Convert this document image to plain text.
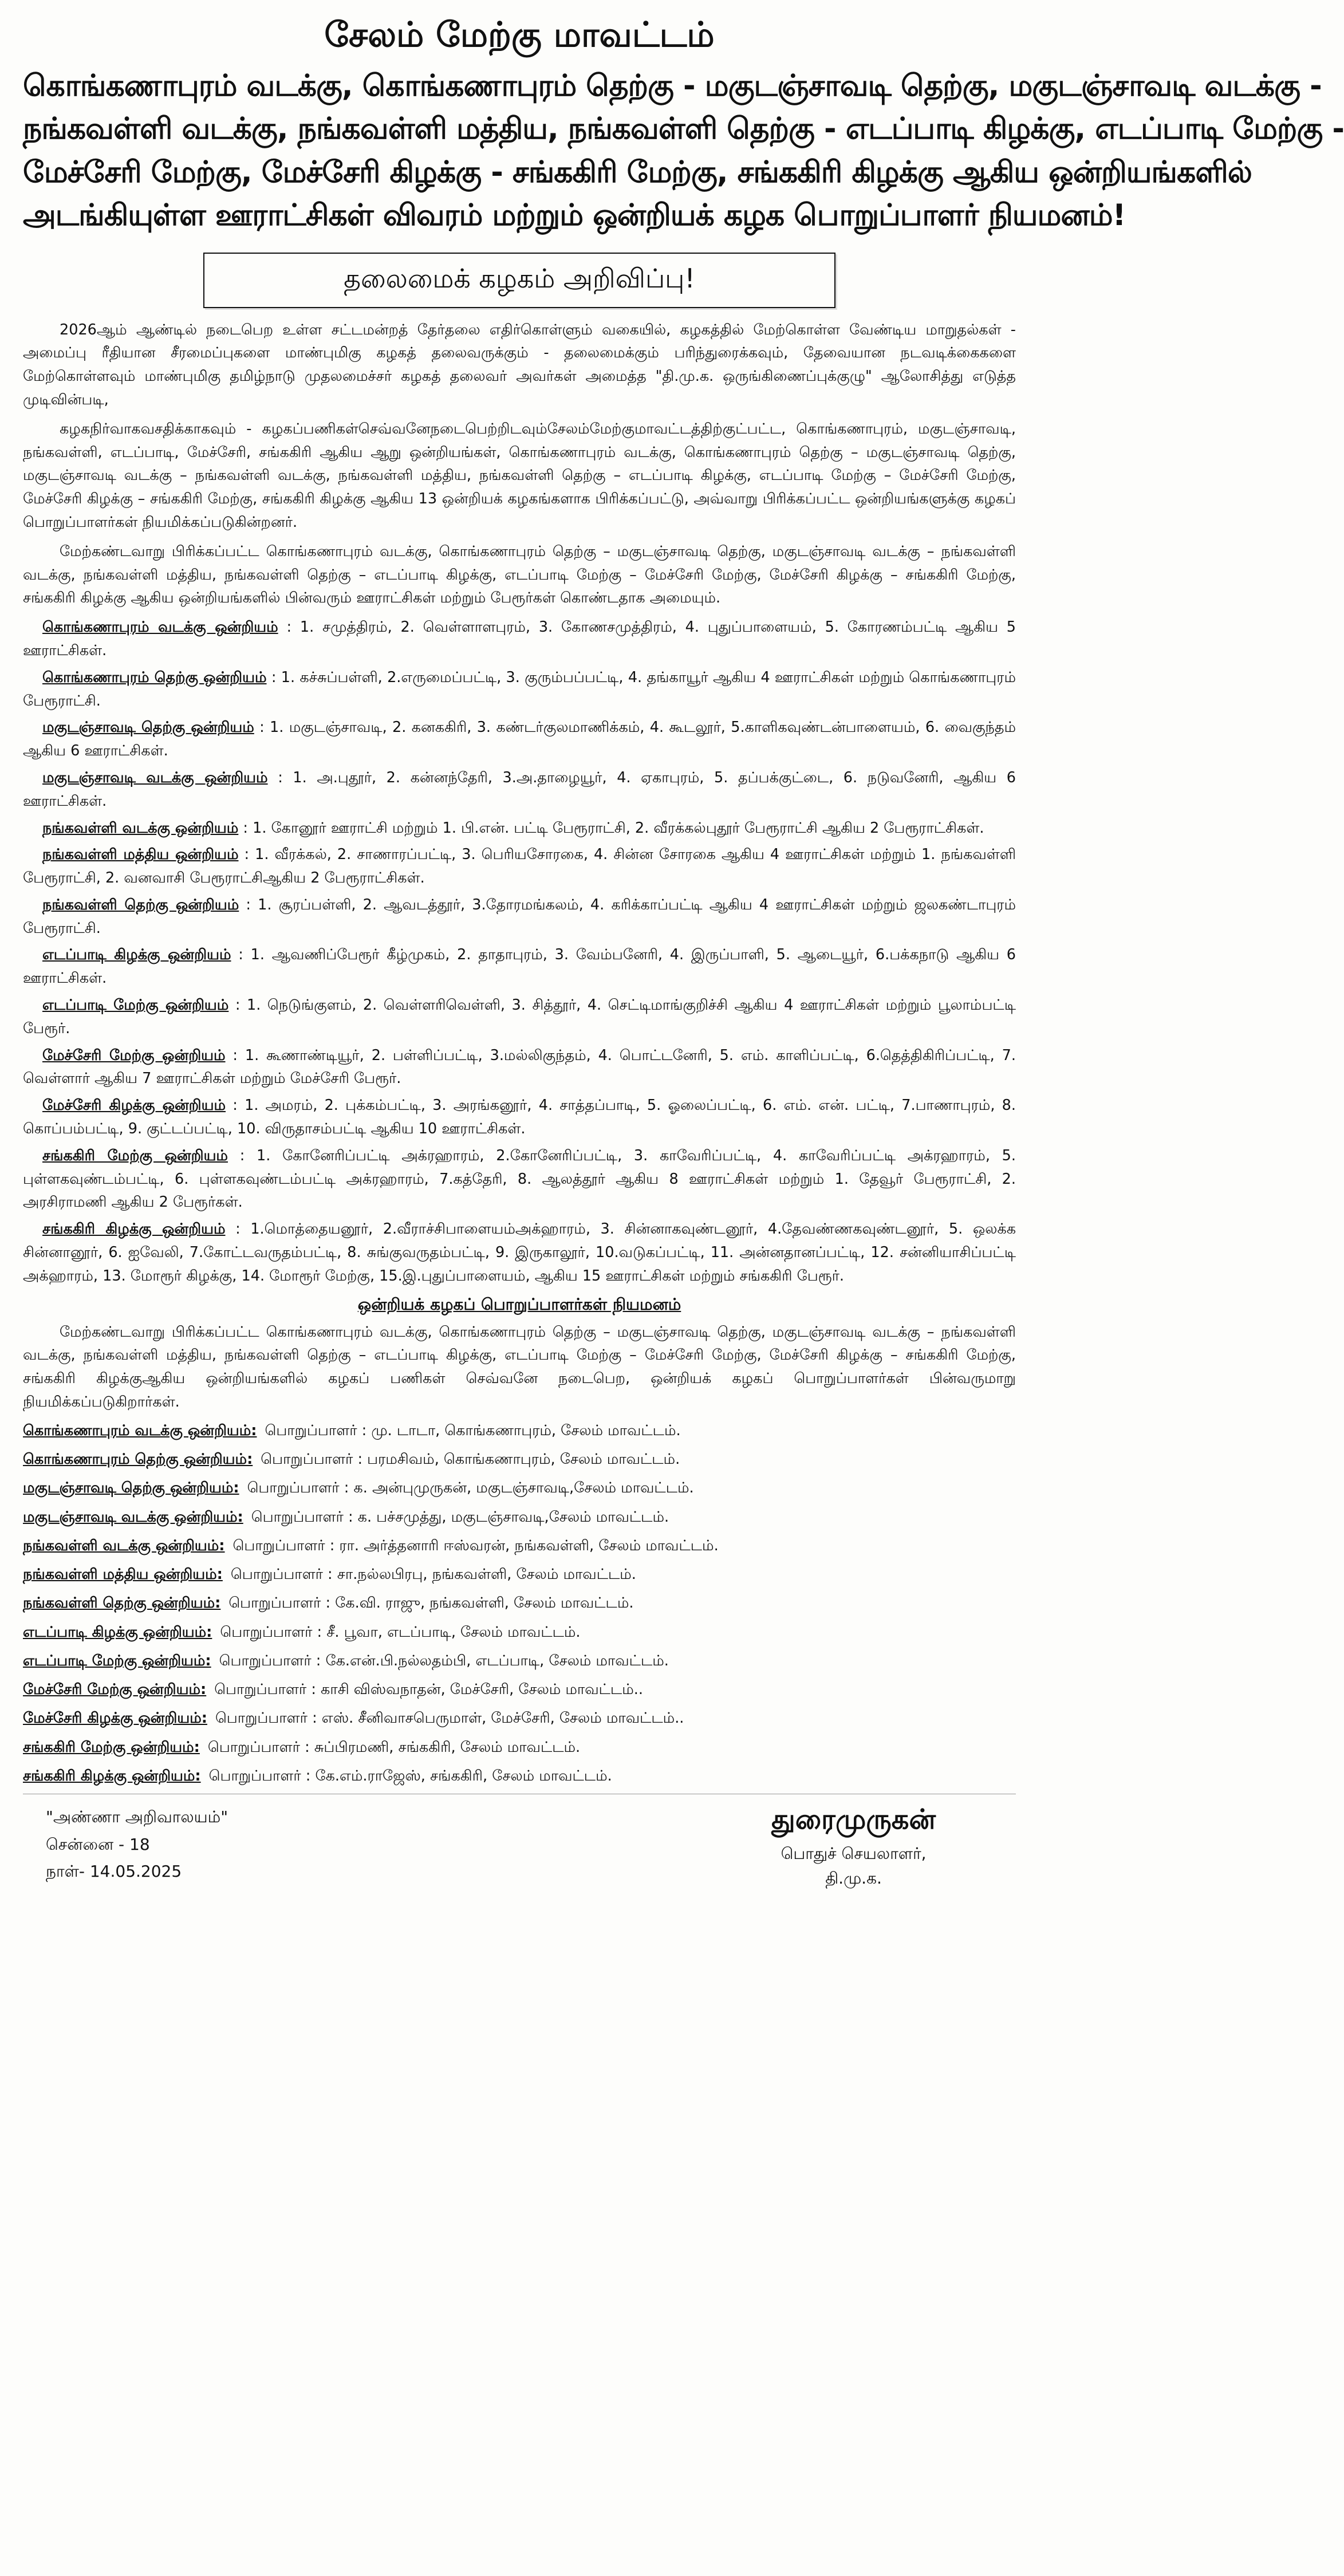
சேலம் மேற்கு மாவட்டம்
கொங்கணாபுரம் வடக்கு, கொங்கணாபுரம் தெற்கு - மகுடஞ்சாவடி தெற்கு, மகுடஞ்சாவடி வடக்கு -
நங்கவள்ளி வடக்கு, நங்கவள்ளி மத்திய, நங்கவள்ளி தெற்கு - எடப்பாடி கிழக்கு, எடப்பாடி மேற்கு -
மேச்சேரி மேற்கு, மேச்சேரி கிழக்கு - சங்ககிரி மேற்கு, சங்ககிரி கிழக்கு ஆகிய ஒன்றியங்களில்
அடங்கியுள்ள ஊராட்சிகள் விவரம் மற்றும் ஒன்றியக் கழக பொறுப்பாளர் நியமனம்!
தலைமைக் கழகம் அறிவிப்பு!

2026ஆம் ஆண்டில் நடைபெற உள்ள சட்டமன்றத் தேர்தலை எதிர்கொள்ளும் வகையில், கழகத்தில் மேற்கொள்ள வேண்டிய மாறுதல்கள் - அமைப்பு ரீதியான சீரமைப்புகளை மாண்புமிகு கழகத் தலைவருக்கும் - தலைமைக்கும் பரிந்துரைக்கவும், தேவையான நடவடிக்கைகளை மேற்கொள்ளவும் மாண்புமிகு தமிழ்நாடு முதலமைச்சர் கழகத் தலைவர் அவர்கள் அமைத்த "தி.மு.க. ஒருங்கிணைப்புக்குழு" ஆலோசித்து எடுத்த முடிவின்படி,

கழகநிர்வாகவசதிக்காகவும் - கழகப்பணிகள்செவ்வனேநடைபெற்றிடவும்சேலம்மேற்குமாவட்டத்திற்குட்பட்ட, கொங்கணாபுரம், மகுடஞ்சாவடி, நங்கவள்ளி, எடப்பாடி, மேச்சேரி, சங்ககிரி ஆகிய ஆறு ஒன்றியங்கள், கொங்கணாபுரம் வடக்கு, கொங்கணாபுரம் தெற்கு – மகுடஞ்சாவடி தெற்கு, மகுடஞ்சாவடி வடக்கு – நங்கவள்ளி வடக்கு, நங்கவள்ளி மத்திய, நங்கவள்ளி தெற்கு – எடப்பாடி கிழக்கு, எடப்பாடி மேற்கு – மேச்சேரி மேற்கு, மேச்சேரி கிழக்கு – சங்ககிரி மேற்கு, சங்ககிரி கிழக்கு ஆகிய 13 ஒன்றியக் கழகங்களாக பிரிக்கப்பட்டு, அவ்வாறு பிரிக்கப்பட்ட ஒன்றியங்களுக்கு கழகப் பொறுப்பாளர்கள் நியமிக்கப்படுகின்றனர்.

மேற்கண்டவாறு பிரிக்கப்பட்ட கொங்கணாபுரம் வடக்கு, கொங்கணாபுரம் தெற்கு – மகுடஞ்சாவடி தெற்கு, மகுடஞ்சாவடி வடக்கு – நங்கவள்ளி வடக்கு, நங்கவள்ளி மத்திய, நங்கவள்ளி தெற்கு – எடப்பாடி கிழக்கு, எடப்பாடி மேற்கு – மேச்சேரி மேற்கு, மேச்சேரி கிழக்கு – சங்ககிரி மேற்கு, சங்ககிரி கிழக்கு ஆகிய ஒன்றியங்களில் பின்வரும் ஊராட்சிகள் மற்றும் பேரூர்கள் கொண்டதாக அமையும்.

கொங்கணாபுரம் வடக்கு ஒன்றியம் : 1. சமுத்திரம், 2. வெள்ளாளபுரம், 3. கோணசமுத்திரம், 4. புதுப்பாளையம், 5. கோரணம்பட்டி ஆகிய 5 ஊராட்சிகள்.

கொங்கணாபுரம் தெற்கு ஒன்றியம் : 1. கச்சுப்பள்ளி, 2.எருமைப்பட்டி, 3. குரும்பப்பட்டி, 4. தங்காயூர் ஆகிய 4 ஊராட்சிகள் மற்றும் கொங்கணாபுரம் பேரூராட்சி.

மகுடஞ்சாவடி தெற்கு ஒன்றியம் : 1. மகுடஞ்சாவடி, 2. கனககிரி, 3. கண்டர்குலமாணிக்கம், 4. கூடலூர், 5.காளிகவுண்டன்பாளையம், 6. வைகுந்தம் ஆகிய 6 ஊராட்சிகள்.

மகுடஞ்சாவடி வடக்கு ஒன்றியம் : 1. அ.புதூர், 2. கன்னந்தேரி, 3.அ.தாழையூர், 4. ஏகாபுரம், 5. தப்பக்குட்டை, 6. நடுவனேரி, ஆகிய 6 ஊராட்சிகள்.

நங்கவள்ளி வடக்கு ஒன்றியம் : 1. கோனூர் ஊராட்சி மற்றும் 1. பி.என். பட்டி பேரூராட்சி, 2. வீரக்கல்புதூர் பேரூராட்சி ஆகிய 2 பேரூராட்சிகள்.

நங்கவள்ளி மத்திய ஒன்றியம் : 1. வீரக்கல், 2. சாணாரப்பட்டி, 3. பெரியசோரகை, 4. சின்ன சோரகை ஆகிய 4 ஊராட்சிகள் மற்றும் 1. நங்கவள்ளி பேரூராட்சி, 2. வனவாசி பேரூராட்சிஆகிய 2 பேரூராட்சிகள்.

நங்கவள்ளி தெற்கு ஒன்றியம் : 1. சூரப்பள்ளி, 2. ஆவடத்தூர், 3.தோரமங்கலம், 4. கரிக்காப்பட்டி ஆகிய 4 ஊராட்சிகள் மற்றும் ஜலகண்டாபுரம் பேரூராட்சி.

எடப்பாடி கிழக்கு ஒன்றியம் : 1. ஆவணிப்பேரூர் கீழ்முகம், 2. தாதாபுரம், 3. வேம்பனேரி, 4. இருப்பாளி, 5. ஆடையூர், 6.பக்கநாடு ஆகிய 6 ஊராட்சிகள்.

எடப்பாடி மேற்கு ஒன்றியம் : 1. நெடுங்குளம், 2. வெள்ளரிவெள்ளி, 3. சித்தூர், 4. செட்டிமாங்குறிச்சி ஆகிய 4 ஊராட்சிகள் மற்றும் பூலாம்பட்டி பேரூர்.

மேச்சேரி மேற்கு ஒன்றியம் : 1. கூணாண்டியூர், 2. பள்ளிப்பட்டி, 3.மல்லிகுந்தம், 4. பொட்டனேரி, 5. எம். காளிப்பட்டி, 6.தெத்திகிரிப்பட்டி, 7. வெள்ளார் ஆகிய 7 ஊராட்சிகள் மற்றும் மேச்சேரி பேரூர்.

மேச்சேரி கிழக்கு ஒன்றியம் : 1. அமரம், 2. புக்கம்பட்டி, 3. அரங்கனூர், 4. சாத்தப்பாடி, 5. ஓலைப்பட்டி, 6. எம். என். பட்டி, 7.பாணாபுரம், 8. கொப்பம்பட்டி, 9. குட்டப்பட்டி, 10. விருதாசம்பட்டி ஆகிய 10 ஊராட்சிகள்.

சங்ககிரி மேற்கு ஒன்றியம் : 1. கோனேரிப்பட்டி அக்ரஹாரம், 2.கோனேரிப்பட்டி, 3. காவேரிப்பட்டி, 4. காவேரிப்பட்டி அக்ரஹாரம், 5. புள்ளகவுண்டம்பட்டி, 6. புள்ளகவுண்டம்பட்டி அக்ரஹாரம், 7.கத்தேரி, 8. ஆலத்தூர் ஆகிய 8 ஊராட்சிகள் மற்றும் 1. தேவூர் பேரூராட்சி, 2. அரசிராமணி ஆகிய 2 பேரூர்கள்.

சங்ககிரி கிழக்கு ஒன்றியம் : 1.மொத்தையனூர், 2.வீராச்சிபாளையம்அக்ஹாரம், 3. சின்னாகவுண்டனூர், 4.தேவண்ணகவுண்டனூர், 5. ஒலக்க சின்னானூர், 6. ஐவேலி, 7.கோட்டவருதம்பட்டி, 8. சுங்குவருதம்பட்டி, 9. இருகாலூர், 10.வடுகப்பட்டி, 11. அன்னதானப்பட்டி, 12. சன்னியாசிப்பட்டி அக்ஹாரம், 13. மோரூர் கிழக்கு, 14. மோரூர் மேற்கு, 15.இ.புதுப்பாளையம், ஆகிய 15 ஊராட்சிகள் மற்றும் சங்ககிரி பேரூர்.

ஒன்றியக் கழகப் பொறுப்பாளர்கள் நியமனம்

மேற்கண்டவாறு பிரிக்கப்பட்ட கொங்கணாபுரம் வடக்கு, கொங்கணாபுரம் தெற்கு – மகுடஞ்சாவடி தெற்கு, மகுடஞ்சாவடி வடக்கு – நங்கவள்ளி வடக்கு, நங்கவள்ளி மத்திய, நங்கவள்ளி தெற்கு – எடப்பாடி கிழக்கு, எடப்பாடி மேற்கு – மேச்சேரி மேற்கு, மேச்சேரி கிழக்கு – சங்ககிரி மேற்கு, சங்ககிரி கிழக்குஆகிய ஒன்றியங்களில் கழகப் பணிகள் செவ்வனே நடைபெற, ஒன்றியக் கழகப் பொறுப்பாளர்கள் பின்வருமாறு நியமிக்கப்படுகிறார்கள்.

கொங்கணாபுரம் வடக்கு ஒன்றியம்: பொறுப்பாளர் : மு. டாடா, கொங்கணாபுரம், சேலம் மாவட்டம்.
கொங்கணாபுரம் தெற்கு ஒன்றியம்: பொறுப்பாளர் : பரமசிவம், கொங்கணாபுரம், சேலம் மாவட்டம்.
மகுடஞ்சாவடி தெற்கு ஒன்றியம்: பொறுப்பாளர் : க. அன்புமுருகன், மகுடஞ்சாவடி,சேலம் மாவட்டம்.
மகுடஞ்சாவடி வடக்கு ஒன்றியம்: பொறுப்பாளர் : க. பச்சமுத்து, மகுடஞ்சாவடி,சேலம் மாவட்டம்.
நங்கவள்ளி வடக்கு ஒன்றியம்: பொறுப்பாளர் : ரா. அர்த்தனாரி ஈஸ்வரன், நங்கவள்ளி, சேலம் மாவட்டம்.
நங்கவள்ளி மத்திய ஒன்றியம்: பொறுப்பாளர் : சா.நல்லபிரபு, நங்கவள்ளி, சேலம் மாவட்டம்.
நங்கவள்ளி தெற்கு ஒன்றியம்: பொறுப்பாளர் : கே.வி. ராஜு, நங்கவள்ளி, சேலம் மாவட்டம்.
எடப்பாடி கிழக்கு ஒன்றியம்: பொறுப்பாளர் : சீ. பூவா, எடப்பாடி, சேலம் மாவட்டம்.
எடப்பாடி மேற்கு ஒன்றியம்: பொறுப்பாளர் : கே.என்.பி.நல்லதம்பி, எடப்பாடி, சேலம் மாவட்டம்.
மேச்சேரி மேற்கு ஒன்றியம்: பொறுப்பாளர் : காசி விஸ்வநாதன், மேச்சேரி, சேலம் மாவட்டம்..
மேச்சேரி கிழக்கு ஒன்றியம்: பொறுப்பாளர் : எஸ். சீனிவாசபெருமாள், மேச்சேரி, சேலம் மாவட்டம்..
சங்ககிரி மேற்கு ஒன்றியம்: பொறுப்பாளர் : சுப்பிரமணி, சங்ககிரி, சேலம் மாவட்டம்.
சங்ககிரி கிழக்கு ஒன்றியம்: பொறுப்பாளர் : கே.எம்.ராஜேஸ், சங்ககிரி, சேலம் மாவட்டம்.
"அண்ணா அறிவாலயம்"
சென்னை - 18
நாள்- 14.05.2025
துரைமுருகன்
பொதுச் செயலாளர்,
தி.மு.க.
